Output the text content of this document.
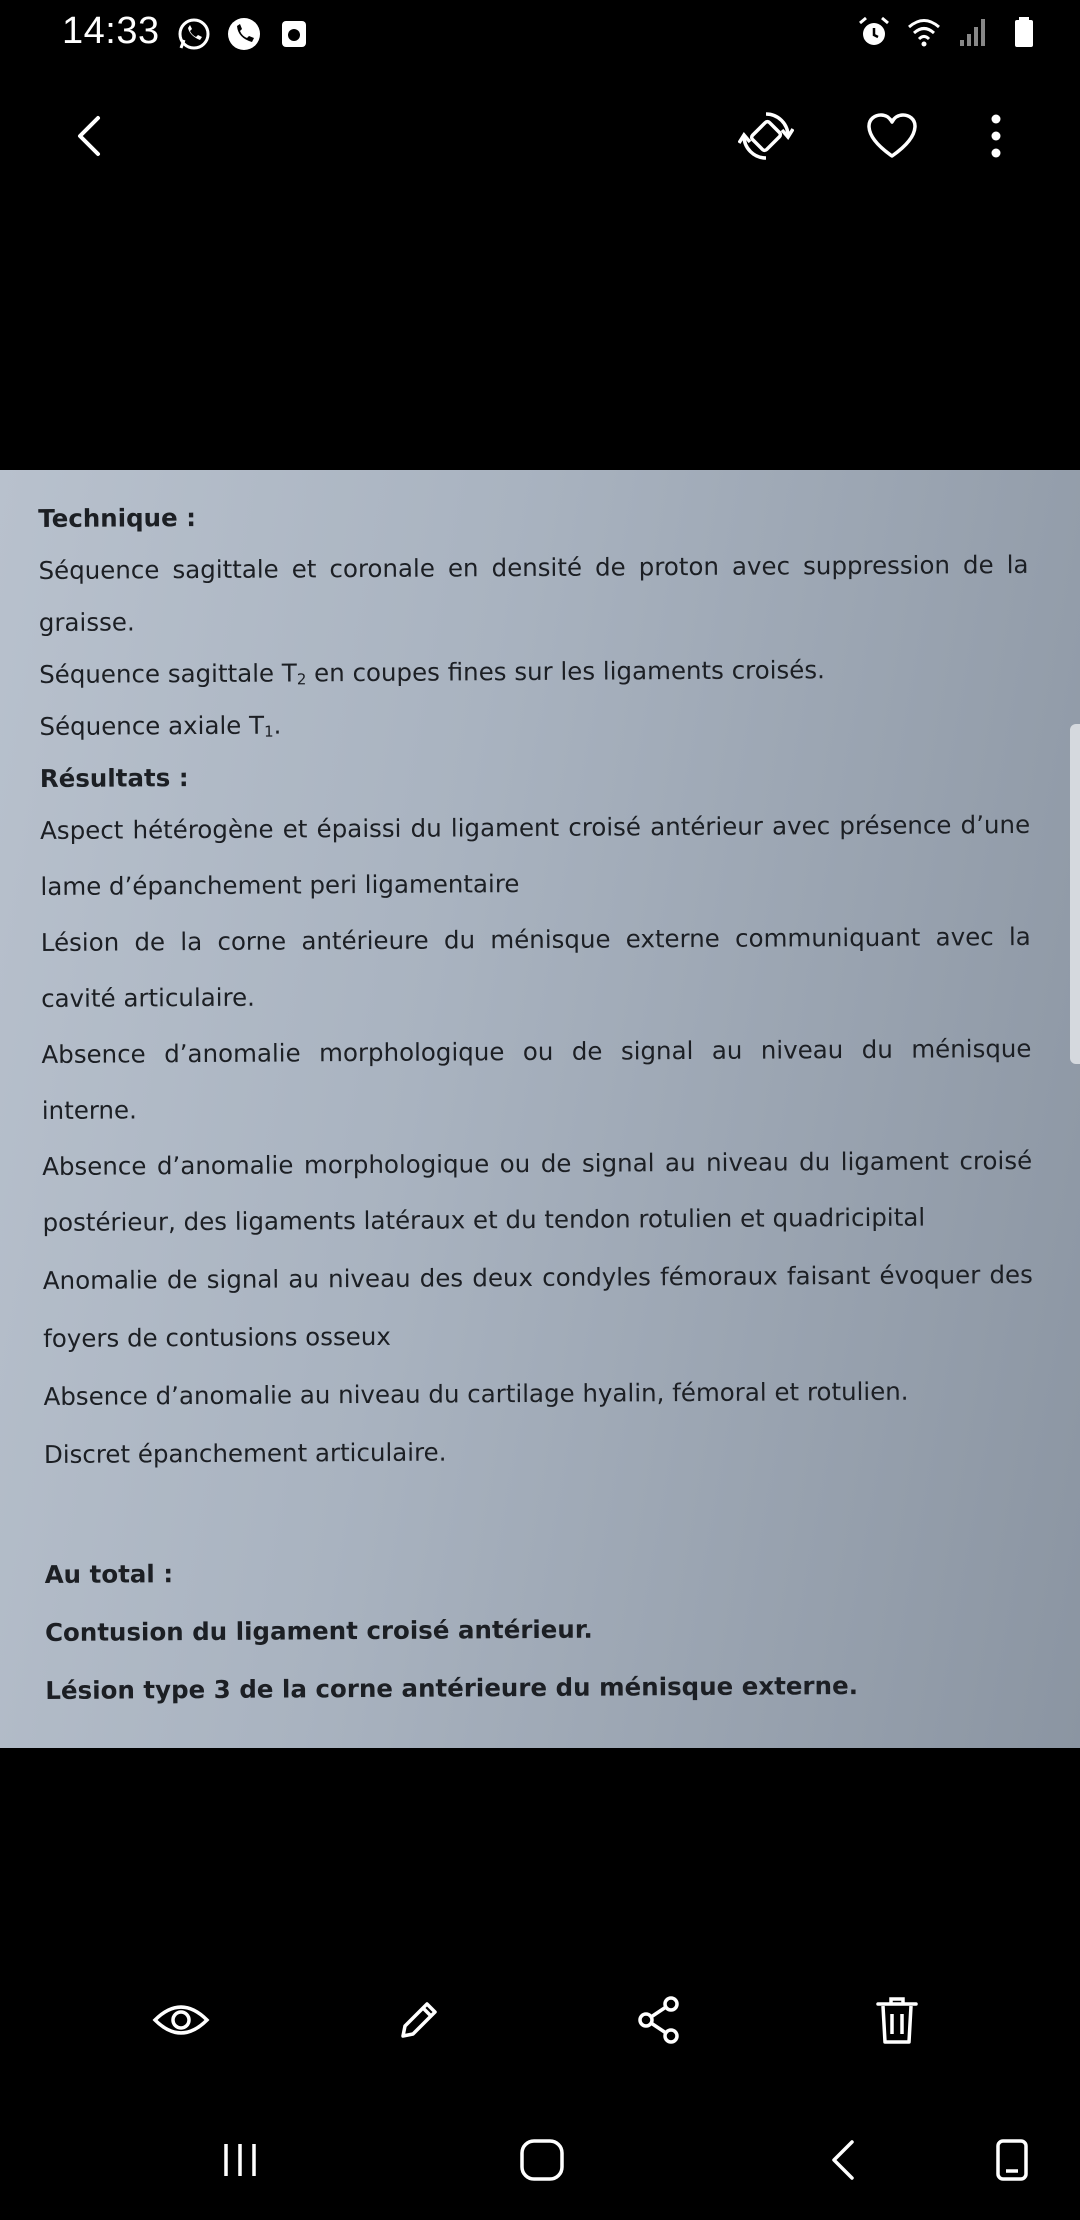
14:33
Technique :
Séquence sagittale et coronale en densité de proton avec suppression de la
graisse.
Séquence sagittale $T_2$ en coupes fines sur les ligaments croisés.
Séquence axiale $T_1$.
Résultats :
Aspect hétérogène et épaissi du ligament croisé antérieur avec présence d’une
lame d’épanchement peri ligamentaire
Lésion de la corne antérieure du ménisque externe communiquant avec la
cavité articulaire.
Absence d’anomalie morphologique ou de signal au niveau du ménisque
interne.
Absence d’anomalie morphologique ou de signal au niveau du ligament croisé
postérieur, des ligaments latéraux et du tendon rotulien et quadricipital
Anomalie de signal au niveau des deux condyles fémoraux faisant évoquer des
foyers de contusions osseux
Absence d’anomalie au niveau du cartilage hyalin, fémoral et rotulien.
Discret épanchement articulaire.
Au total :
Contusion du ligament croisé antérieur.
Lésion type 3 de la corne antérieure du ménisque externe.
